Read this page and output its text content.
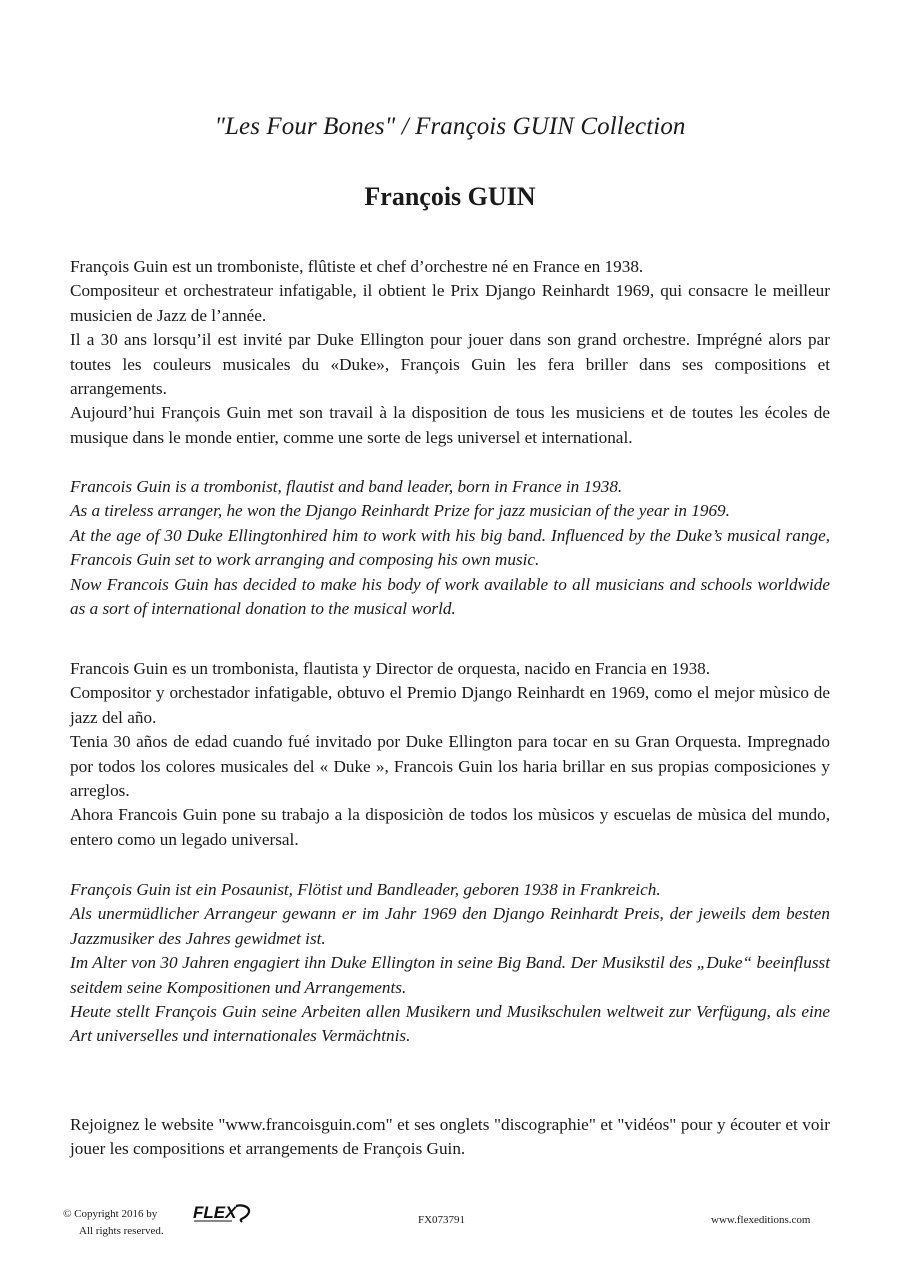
"Les Four Bones" / François GUIN Collection
François GUIN

François Guin est un tromboniste, flûtiste et chef d’orchestre né en France en 1938.

Compositeur et orchestrateur infatigable, il obtient le Prix Django Reinhardt 1969, qui consacre le meilleur musicien de Jazz de l’année.

Il a 30 ans lorsqu’il est invité par Duke Ellington pour jouer dans son grand orchestre. Imprégné alors par toutes les couleurs musicales du «Duke», François Guin les fera briller dans ses compositions et arrangements.

Aujourd’hui François Guin met son travail à la disposition de tous les musiciens et de toutes les écoles de musique dans le monde entier, comme une sorte de legs universel et international.

Francois Guin is a trombonist, flautist and band leader, born in France in 1938.

As a tireless arranger, he won the Django Reinhardt Prize for jazz musician of the year in 1969.

At the age of 30 Duke Ellingtonhired him to work with his big band. Influenced by the Duke’s musical range, Francois Guin set to work arranging and composing his own music.

Now Francois Guin has decided to make his body of work available to all musicians and schools worldwide as a sort of international donation to the musical world.

Francois Guin es un trombonista, flautista y Director de orquesta, nacido en Francia en 1938.

Compositor y orchestador infatigable, obtuvo el Premio Django Reinhardt en 1969, como el mejor mùsico de jazz del año.

Tenia 30 años de edad cuando fué invitado por Duke Ellington para tocar en su Gran Orquesta. Impregnado por todos los colores musicales del « Duke », Francois Guin los haria brillar en sus propias composiciones y arreglos.

Ahora Francois Guin pone su trabajo a la disposiciòn de todos los mùsicos y escuelas de mùsica del mundo, entero como un legado universal.

François Guin ist ein Posaunist, Flötist und Bandleader, geboren 1938 in Frankreich.

Als unermüdlicher Arrangeur gewann er im Jahr 1969 den Django Reinhardt Preis, der jeweils dem besten Jazzmusiker des Jahres gewidmet ist.

Im Alter von 30 Jahren engagiert ihn Duke Ellington in seine Big Band. Der Musikstil des „Duke“ beeinflusst seitdem seine Kompositionen und Arrangements.

Heute stellt François Guin seine Arbeiten allen Musikern und Musikschulen weltweit zur Verfügung, als eine Art universelles und internationales Vermächtnis.

Rejoignez le website "www.francoisguin.com" et ses onglets "discographie" et "vidéos" pour y écouter et voir jouer les compositions et arrangements de François Guin.

© Copyright 2016 by
All rights reserved.
FLEX	FX073791	www.flexeditions.com
